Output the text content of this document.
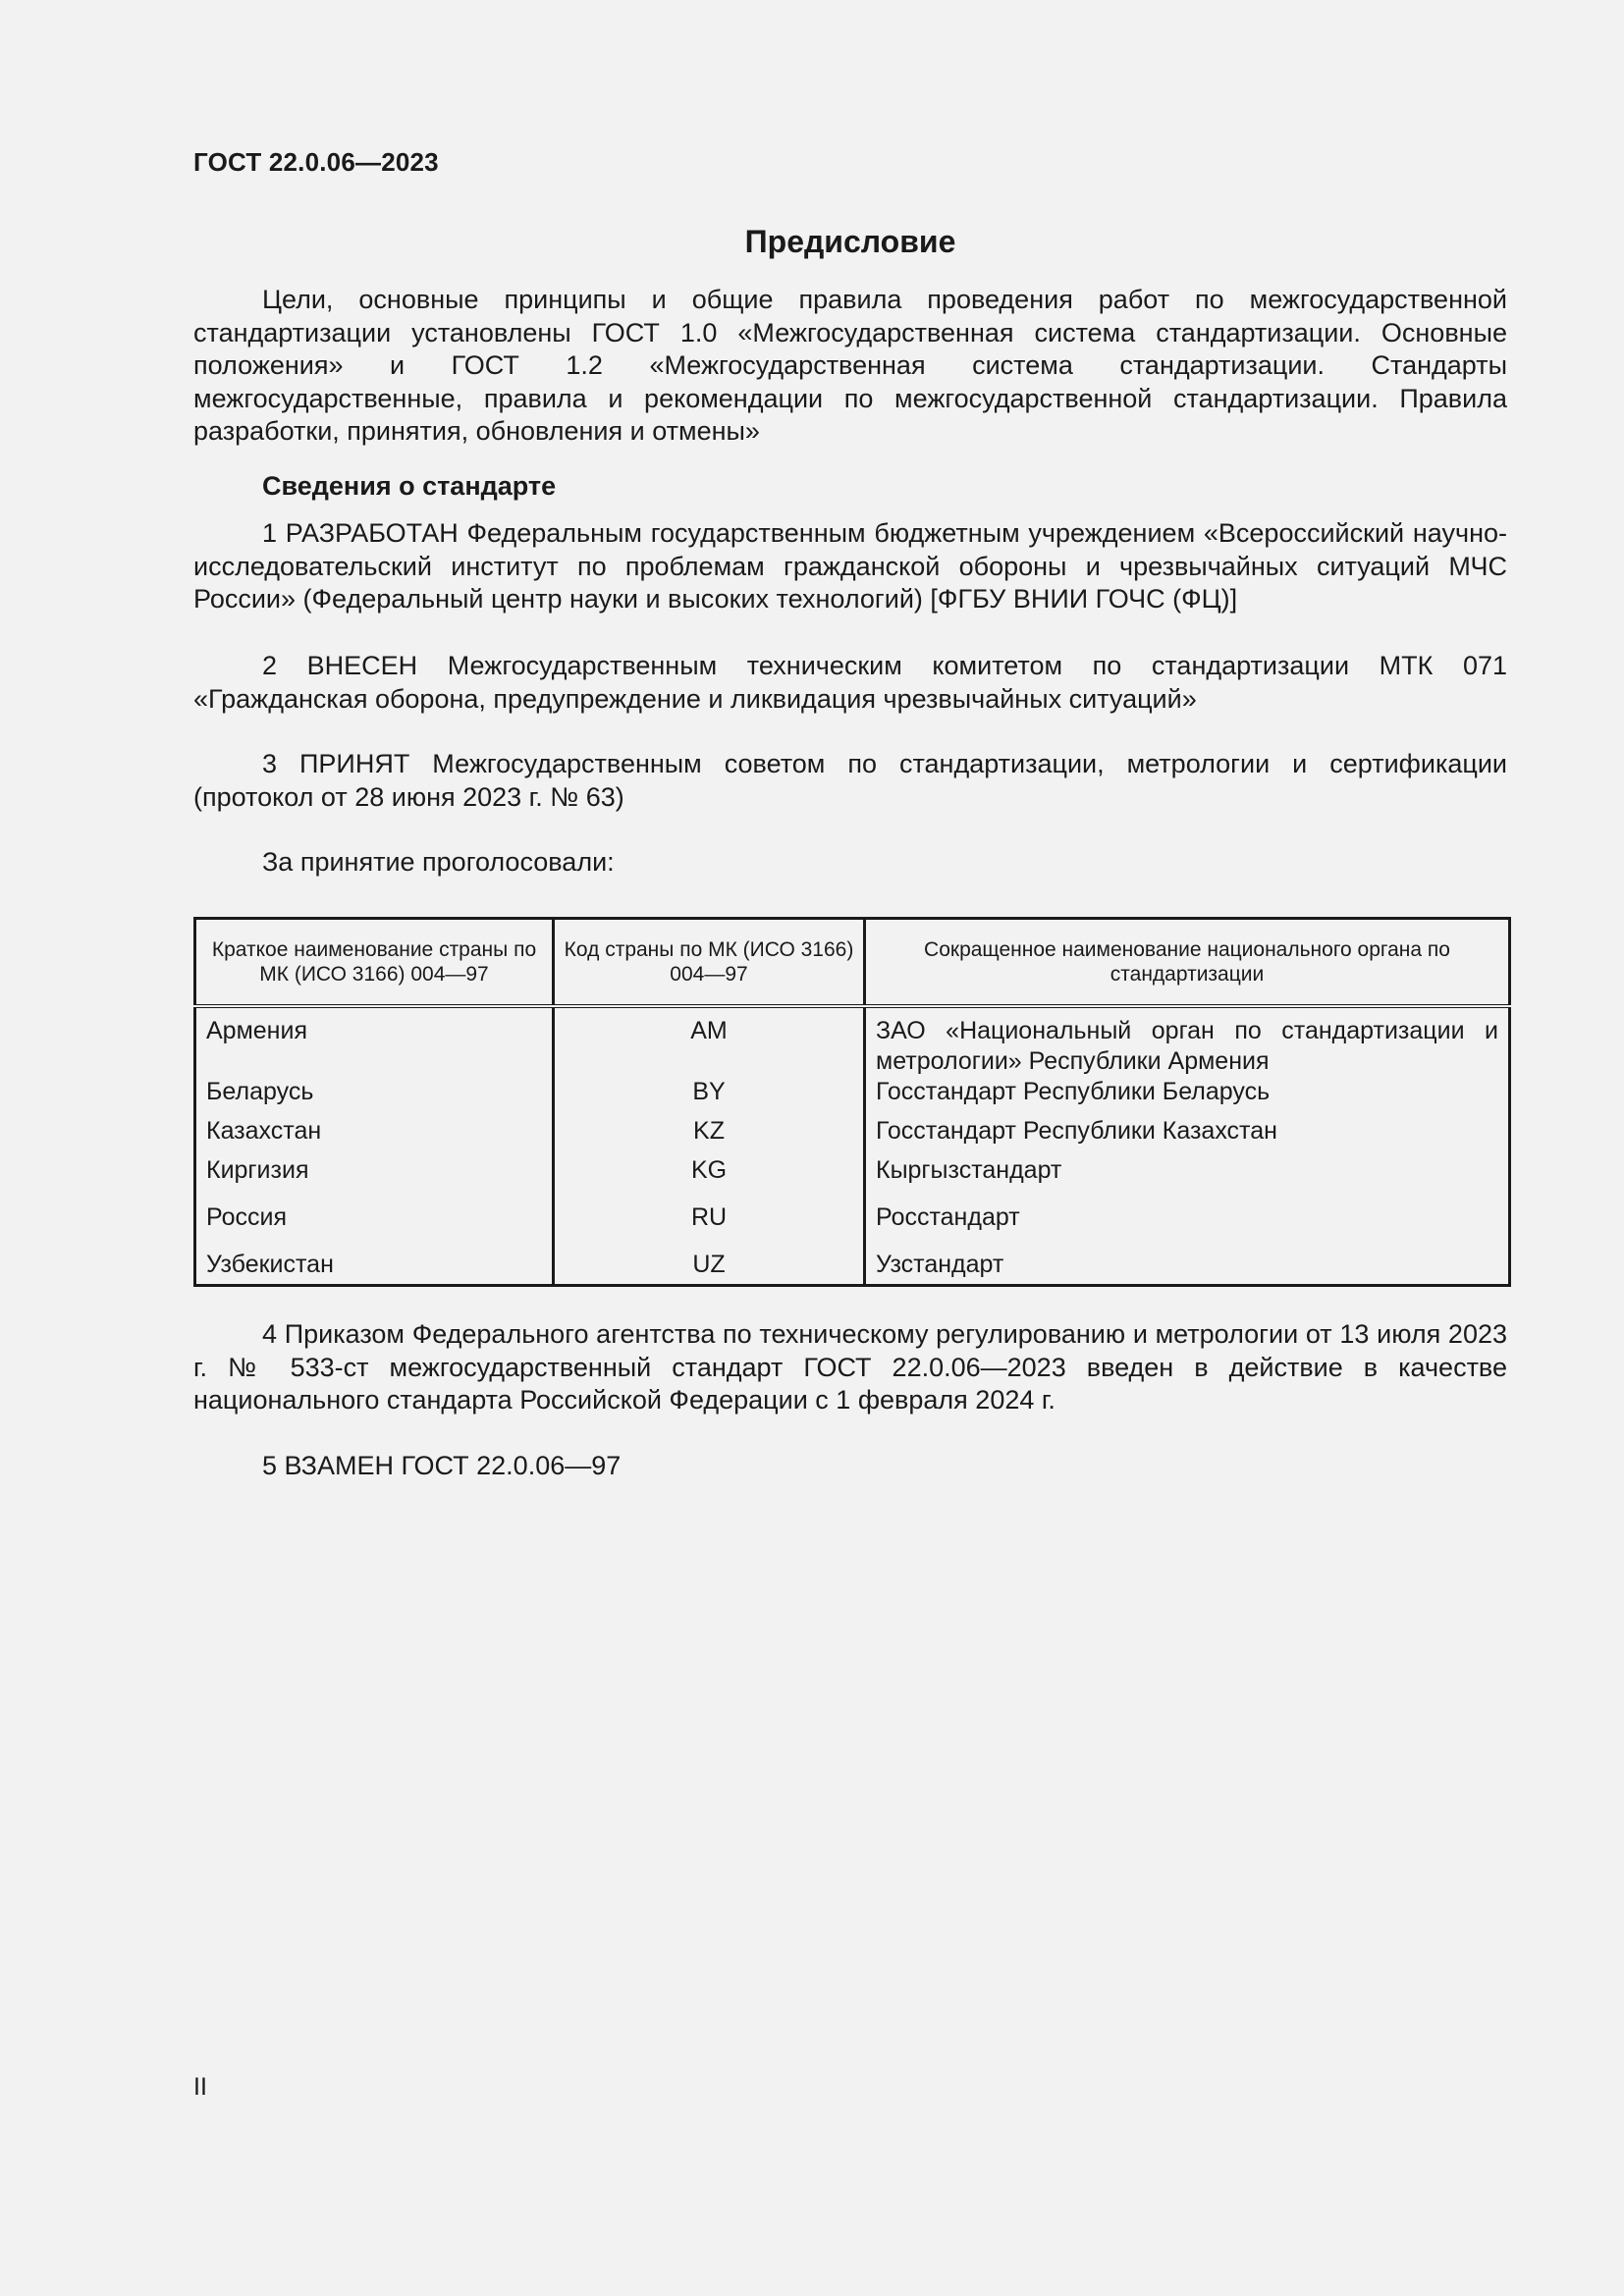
ГОСТ 22.0.06—2023
Предисловие

Цели, основные принципы и общие правила проведения работ по межгосударственной стандартизации установлены ГОСТ 1.0 «Межгосударственная система стандартизации. Основные положения» и ГОСТ 1.2 «Межгосударственная система стандартизации. Стандарты межгосударственные, правила и рекомендации по межгосударственной стандартизации. Правила разработки, принятия, обновления и отмены»

Сведения о стандарте

1 РАЗРАБОТАН Федеральным государственным бюджетным учреждением «Всероссийский научно-исследовательский институт по проблемам гражданской обороны и чрезвычайных ситуаций МЧС России» (Федеральный центр науки и высоких технологий) [ФГБУ ВНИИ ГОЧС (ФЦ)]

2 ВНЕСЕН Межгосударственным техническим комитетом по стандартизации МТК 071 «Гражданская оборона, предупреждение и ликвидация чрезвычайных ситуаций»

3 ПРИНЯТ Межгосударственным советом по стандартизации, метрологии и сертификации (протокол от 28 июня 2023 г. № 63)

За принятие проголосовали:

Краткое наименование страны по МК (ИСО 3166) 004—97	Код страны по МК (ИСО 3166) 004—97	Сокращенное наименование национального органа по стандартизации
Армения	AM	ЗАО «Национальный орган по стандартизации и метрологии» Республики Армения
Беларусь	BY	Госстандарт Республики Беларусь
Казахстан	KZ	Госстандарт Республики Казахстан
Киргизия	KG	Кыргызстандарт
Россия	RU	Росстандарт
Узбекистан	UZ	Узстандарт

4 Приказом Федерального агентства по техническому регулированию и метрологии от 13 июля 2023 г. № 533-ст межгосударственный стандарт ГОСТ 22.0.06—2023 введен в действие в качестве национального стандарта Российской Федерации с 1 февраля 2024 г.

5 ВЗАМЕН ГОСТ 22.0.06—97

II
